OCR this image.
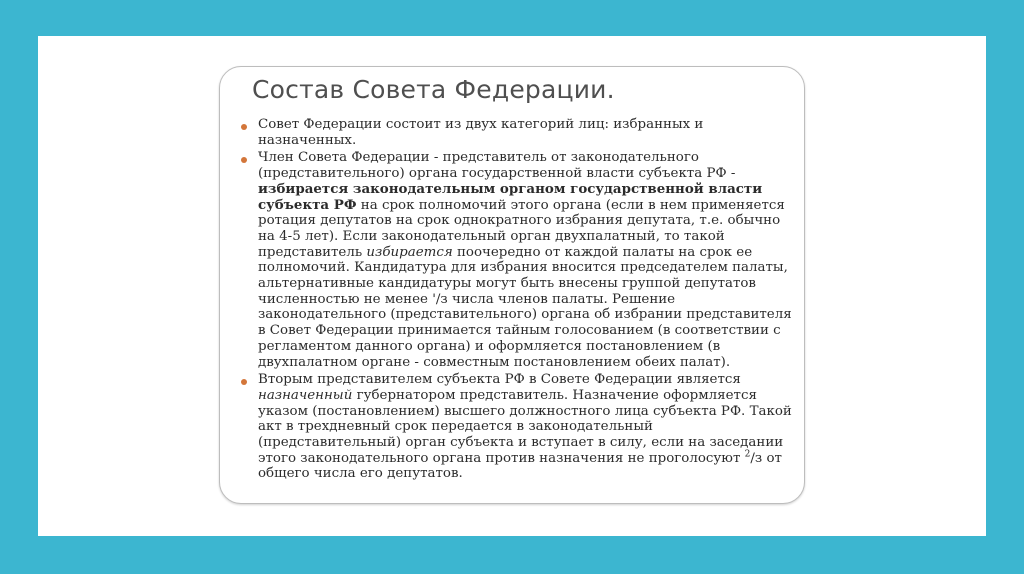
Состав Совета Федерации.
Совет Федерации состоит из двух категорий лиц: избранных и назначенных.
Член Совета Федерации - представитель от законодательного (представительного) органа государственной власти субъекта РФ - избирается законодательным органом государственной власти субъекта РФ на срок полномочий этого органа (если в нем применяется ротация депутатов на срок однократного избрания депутата, т.е. обычно на 4-5 лет). Если законодательный орган двухпалатный, то такой представитель избирается поочередно от каждой палаты на срок ее полномочий. Кандидатура для избрания вносится председателем палаты, альтернативные кандидатуры могут быть внесены группой депутатов численностью не менее '/з числа членов палаты. Решение законодательного (представительного) органа об избрании представителя в Совет Федерации принимается тайным голосованием (в соответствии с регламентом данного органа) и оформляется постановлением (в двухпалатном органе - совместным постановлением обеих палат).
Вторым представителем субъекта РФ в Совете Федерации является назначенный губернатором представитель. Назначение оформляется указом (постановлением) высшего должностного лица субъекта РФ. Такой акт в трехдневный срок передается в законодательный (представительный) орган субъекта и вступает в силу, если на заседании этого законодательного органа против назначения не проголосуют $^2$/з от общего числа его депутатов.
